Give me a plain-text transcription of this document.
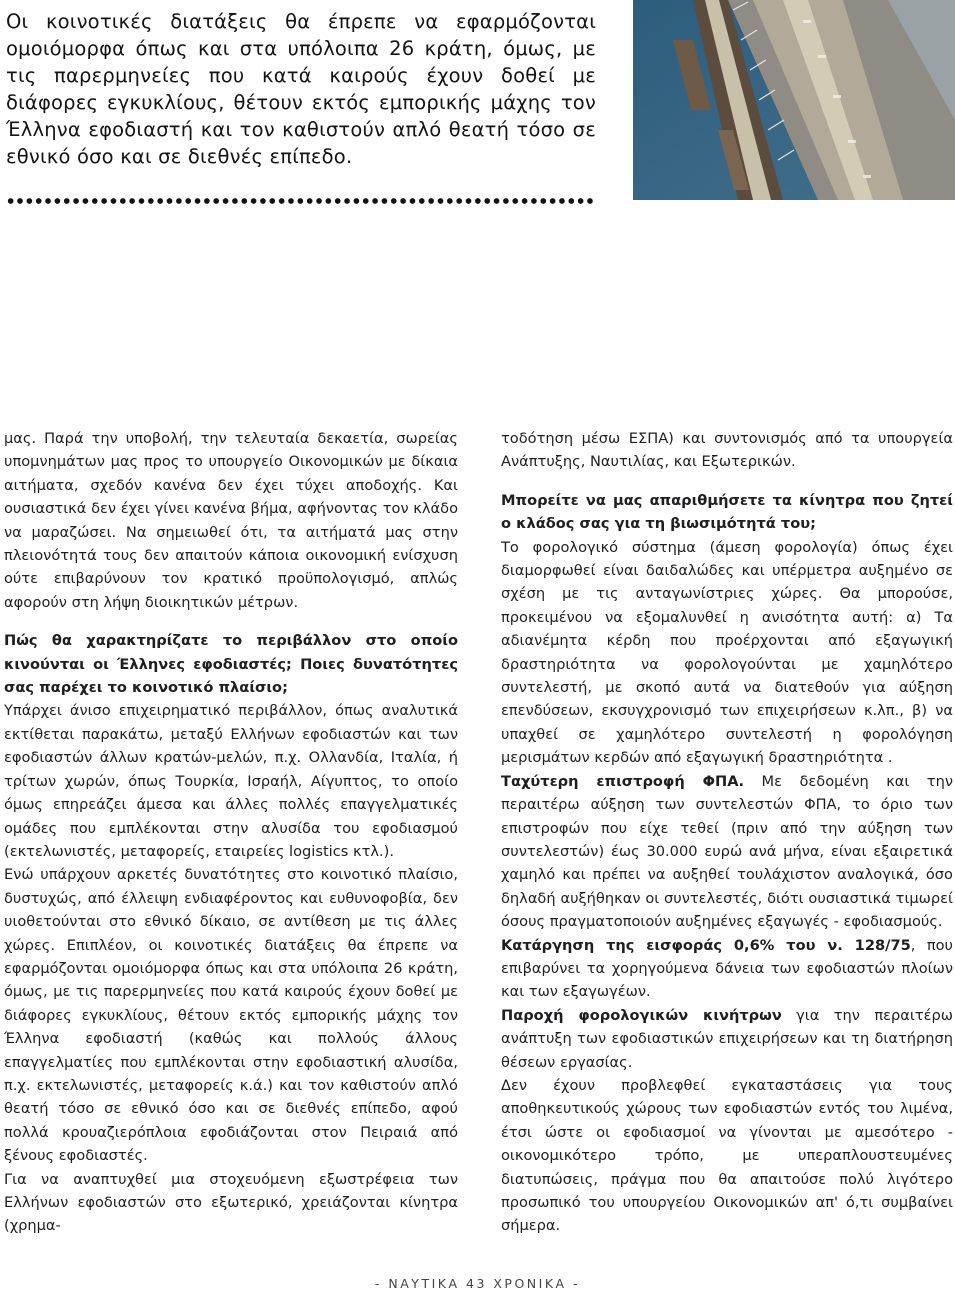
Οι κοινοτικές διατάξεις θα έπρεπε να εφαρμόζονται ομοιόμορφα όπως και στα υπόλοιπα 26 κράτη, όμως, με τις παρερμηνείες που κατά καιρούς έχουν δοθεί με διάφορες εγκυκλίους, θέτουν εκτός εμπορικής μάχης τον Έλληνα εφοδιαστή και τον καθιστούν απλό θεατή τόσο σε εθνικό όσο και σε διεθνές επίπεδο.

μας. Παρά την υποβολή, την τελευταία δεκαετία, σωρείας υπομνημάτων μας προς το υπουργείο Οικονομικών με δίκαια αιτήματα, σχεδόν κανένα δεν έχει τύχει αποδοχής. Και ουσιαστικά δεν έχει γίνει κανένα βήμα, αφήνοντας τον κλάδο να μαραζώσει. Να σημειωθεί ότι, τα αιτήματά μας στην πλειονότητά τους δεν απαιτούν κάποια οικονομική ενίσχυση ούτε επιβαρύνουν τον κρατικό προϋπολογισμό, απλώς αφορούν στη λήψη διοικητικών μέτρων.

Πώς θα χαρακτηρίζατε το περιβάλλον στο οποίο κινούνται οι Έλληνες εφοδιαστές; Ποιες δυνατότητες σας παρέχει το κοινοτικό πλαίσιο;

Υπάρχει άνισο επιχειρηματικό περιβάλλον, όπως αναλυτικά εκτίθεται παρακάτω, μεταξύ Ελλήνων εφοδιαστών και των εφοδιαστών άλλων κρατών-μελών, π.χ. Ολλανδία, Ιταλία, ή τρίτων χωρών, όπως Τουρκία, Ισραήλ, Αίγυπτος, το οποίο όμως επηρεάζει άμεσα και άλλες πολλές επαγγελματικές ομάδες που εμπλέκονται στην αλυσίδα του εφοδιασμού (εκτελωνιστές, μεταφορείς, εταιρείες logistics κτλ.).

Ενώ υπάρχουν αρκετές δυνατότητες στο κοινοτικό πλαίσιο, δυστυχώς, από έλλειψη ενδιαφέροντος και ευθυνοφοβία, δεν υιοθετούνται στο εθνικό δίκαιο, σε αντίθεση με τις άλλες χώρες. Επιπλέον, οι κοινοτικές διατάξεις θα έπρεπε να εφαρμόζονται ομοιόμορφα όπως και στα υπόλοιπα 26 κράτη, όμως, με τις παρερμηνείες που κατά καιρούς έχουν δοθεί με διάφορες εγκυκλίους, θέτουν εκτός εμπορικής μάχης τον Έλληνα εφοδιαστή (καθώς και πολλούς άλλους επαγγελματίες που εμπλέκονται στην εφοδιαστική αλυσίδα, π.χ. εκτελωνιστές, μεταφορείς κ.ά.) και τον καθιστούν απλό θεατή τόσο σε εθνικό όσο και σε διεθνές επίπεδο, αφού πολλά κρουαζιερόπλοια εφοδιάζονται στον Πειραιά από ξένους εφοδιαστές.

Για να αναπτυχθεί μια στοχευόμενη εξωστρέφεια των Ελλήνων εφοδιαστών στο εξωτερικό, χρειάζονται κίνητρα (χρημα-

τοδότηση μέσω ΕΣΠΑ) και συντονισμός από τα υπουργεία Ανάπτυξης, Ναυτιλίας, και Εξωτερικών.

Μπορείτε να μας απαριθμήσετε τα κίνητρα που ζητεί ο κλάδος σας για τη βιωσιμότητά του;

Το φορολογικό σύστημα (άμεση φορολογία) όπως έχει διαμορφωθεί είναι δαιδαλώδες και υπέρμετρα αυξημένο σε σχέση με τις ανταγωνίστριες χώρες. Θα μπορούσε, προκειμένου να εξομαλυνθεί η ανισότητα αυτή: α) Τα αδιανέμητα κέρδη που προέρχονται από εξαγωγική δραστηριότητα να φορολογούνται με χαμηλότερο συντελεστή, με σκοπό αυτά να διατεθούν για αύξηση επενδύσεων, εκσυγχρονισμό των επιχειρήσεων κ.λπ., β) να υπαχθεί σε χαμηλότερο συντελεστή η φορολόγηση μερισμάτων κερδών από εξαγωγική δραστηριότητα .

Ταχύτερη επιστροφή ΦΠΑ. Με δεδομένη και την περαιτέρω αύξηση των συντελεστών ΦΠΑ, το όριο των επιστροφών που είχε τεθεί (πριν από την αύξηση των συντελεστών) έως 30.000 ευρώ ανά μήνα, είναι εξαιρετικά χαμηλό και πρέπει να αυξηθεί τουλάχιστον αναλογικά, όσο δηλαδή αυξήθηκαν οι συντελεστές, διότι ουσιαστικά τιμωρεί όσους πραγματοποιούν αυξημένες εξαγωγές - εφοδιασμούς.

Κατάργηση της εισφοράς 0,6% του ν. 128/75, που επιβαρύνει τα χορηγούμενα δάνεια των εφοδιαστών πλοίων και των εξαγωγέων.

Παροχή φορολογικών κινήτρων για την περαιτέρω ανάπτυξη των εφοδιαστικών επιχειρήσεων και τη διατήρηση θέσεων εργασίας.

Δεν έχουν προβλεφθεί εγκαταστάσεις για τους αποθηκευτικούς χώρους των εφοδιαστών εντός του λιμένα, έτσι ώστε οι εφοδιασμοί να γίνονται με αμεσότερο - οικονομικότερο τρόπο, με υπεραπλουστευμένες διατυπώσεις, πράγμα που θα απαιτούσε πολύ λιγότερο προσωπικό του υπουργείου Οικονομικών απ' ό,τι συμβαίνει σήμερα.

- ΝΑΥΤΙΚΑ 43 ΧΡΟΝΙΚΑ -
